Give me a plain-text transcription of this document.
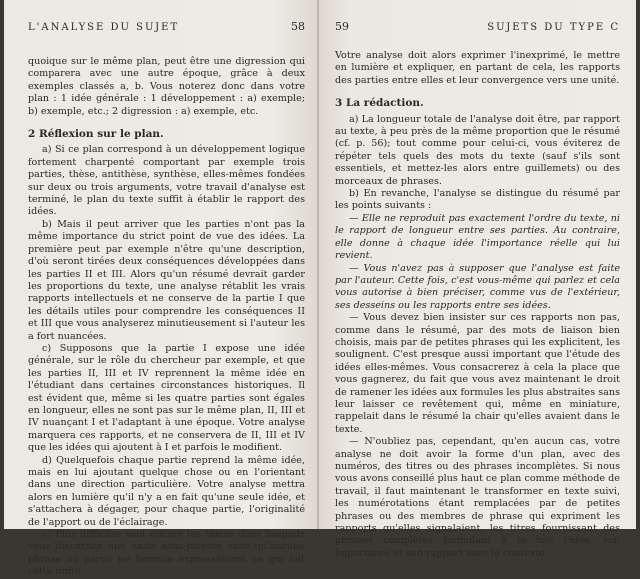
L'ANALYSE DU SUJET	58

quoique sur le même plan, peut être une digression qui comparera avec une autre époque, grâce à deux exemples classés a, b. Vous noterez donc dans votre plan : 1 idée générale : 1 développement : a) exemple; b) exemple, etc.; 2 digression : a) exemple, etc.

2 Réflexion sur le plan.

a) Si ce plan correspond à un développement logique fortement charpenté comportant par exemple trois parties, thèse, antithèse, synthèse, elles-mêmes fondées sur deux ou trois arguments, votre travail d'analyse est terminé, le plan du texte suffit à établir le rapport des idées.

b) Mais il peut arriver que les parties n'ont pas la même importance du strict point de vue des idées. La première peut par exemple n'être qu'une description, d'où seront tirées deux conséquences développées dans les parties II et III. Alors qu'un résumé devrait garder les proportions du texte, une analyse rétablit les vrais rapports intellectuels et ne conserve de la partie I que les détails utiles pour comprendre les conséquences II et III que vous analyserez minutieusement si l'auteur les a fort nuancées.

c) Supposons que la partie I expose une idée générale, sur le rôle du chercheur par exemple, et que les parties II, III et IV reprennent la même idée en l'étudiant dans certaines circonstances historiques. Il est évident que, même si les quatre parties sont égales en longueur, elles ne sont pas sur le même plan, II, III et IV nuançant I et l'adaptant à une époque. Votre analyse marquera ces rapports, et ne conservera de II, III et IV que les idées qui ajoutent à I et parfois le modifient.

d) Quelquefois chaque partie reprend la même idée, mais en lui ajoutant quelque chose ou en l'orientant dans une direction particulière. Votre analyse mettra alors en lumière qu'il n'y a en fait qu'une seule idée, et s'attachera à dégager, pour chaque partie, l'originalité de l'apport ou de l'éclairage.

e) Plus difficiles sont encore les textes dans lesquels vous discernez une unité sous-jacente sans qu'aucune phrase ou partie ne formule expressément ce qui fait cette unité.

59	SUJETS DU TYPE C

Votre analyse doit alors exprimer l'inexprimé, le mettre en lumière et expliquer, en partant de cela, les rapports des parties entre elles et leur convergence vers une unité.

3 La rédaction.

a) La longueur totale de l'analyse doit être, par rapport au texte, à peu près de la même proportion que le résumé (cf. p. 56); tout comme pour celui-ci, vous éviterez de répéter tels quels des mots du texte (sauf s'ils sont essentiels, et mettez-les alors entre guillemets) ou des morceaux de phrases.

b) En revanche, l'analyse se distingue du résumé par les points suivants :

— Elle ne reproduit pas exactement l'ordre du texte, ni le rapport de longueur entre ses parties. Au contraire, elle donne à chaque idée l'importance réelle qui lui revient.

— Vous n'avez pas à supposer que l'analyse est faite par l'auteur. Cette fois, c'est vous-même qui parlez et cela vous autorise à bien préciser, comme vus de l'extérieur, ses desseins ou les rapports entre ses idées.

— Vous devez bien insister sur ces rapports non pas, comme dans le résumé, par des mots de liaison bien choisis, mais par de petites phrases qui les explicitent, les soulignent. C'est presque aussi important que l'étude des idées elles-mêmes. Vous consacrerez à cela la place que vous gagnerez, du fait que vous avez maintenant le droit de ramener les idées aux formules les plus abstraites sans leur laisser ce revêtement qui, même en miniature, rappelait dans le résumé la chair qu'elles avaient dans le texte.

— N'oubliez pas, cependant, qu'en aucun cas, votre analyse ne doit avoir la forme d'un plan, avec des numéros, des titres ou des phrases incomplètes. Si nous vous avons conseillé plus haut ce plan comme méthode de travail, il faut maintenant le transformer en texte suivi, les numérotations étant remplacées par de petites phrases ou des membres de phrase qui expriment les rapports qu'elles signalaient, les titres fournissant des phrases complètes formulant à la fois l'idée, son importance et son rapport avec le contexte.
